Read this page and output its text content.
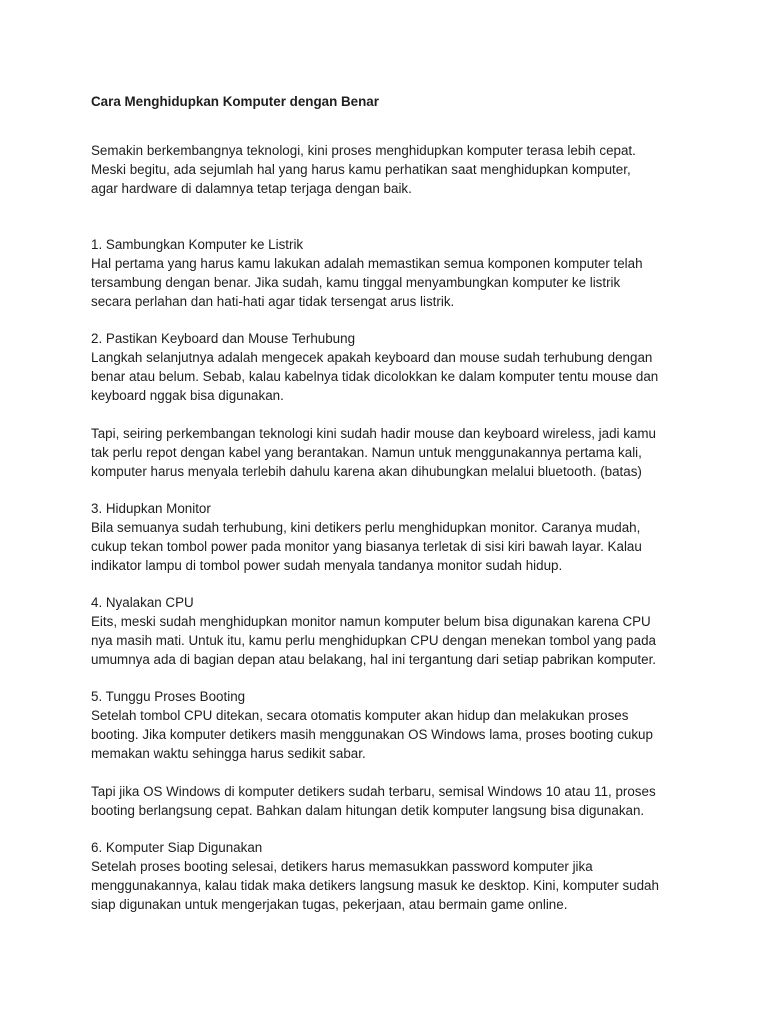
Cara Menghidupkan Komputer dengan Benar

Semakin berkembangnya teknologi, kini proses menghidupkan komputer terasa lebih cepat.
Meski begitu, ada sejumlah hal yang harus kamu perhatikan saat menghidupkan komputer,
agar hardware di dalamnya tetap terjaga dengan baik.

1. Sambungkan Komputer ke Listrik

Hal pertama yang harus kamu lakukan adalah memastikan semua komponen komputer telah
tersambung dengan benar. Jika sudah, kamu tinggal menyambungkan komputer ke listrik
secara perlahan dan hati-hati agar tidak tersengat arus listrik.

2. Pastikan Keyboard dan Mouse Terhubung

Langkah selanjutnya adalah mengecek apakah keyboard dan mouse sudah terhubung dengan
benar atau belum. Sebab, kalau kabelnya tidak dicolokkan ke dalam komputer tentu mouse dan
keyboard nggak bisa digunakan.

Tapi, seiring perkembangan teknologi kini sudah hadir mouse dan keyboard wireless, jadi kamu
tak perlu repot dengan kabel yang berantakan. Namun untuk menggunakannya pertama kali,
komputer harus menyala terlebih dahulu karena akan dihubungkan melalui bluetooth. (batas)

3. Hidupkan Monitor

Bila semuanya sudah terhubung, kini detikers perlu menghidupkan monitor. Caranya mudah,
cukup tekan tombol power pada monitor yang biasanya terletak di sisi kiri bawah layar. Kalau
indikator lampu di tombol power sudah menyala tandanya monitor sudah hidup.

4. Nyalakan CPU

Eits, meski sudah menghidupkan monitor namun komputer belum bisa digunakan karena CPU
nya masih mati. Untuk itu, kamu perlu menghidupkan CPU dengan menekan tombol yang pada
umumnya ada di bagian depan atau belakang, hal ini tergantung dari setiap pabrikan komputer.

5. Tunggu Proses Booting

Setelah tombol CPU ditekan, secara otomatis komputer akan hidup dan melakukan proses
booting. Jika komputer detikers masih menggunakan OS Windows lama, proses booting cukup
memakan waktu sehingga harus sedikit sabar.

Tapi jika OS Windows di komputer detikers sudah terbaru, semisal Windows 10 atau 11, proses
booting berlangsung cepat. Bahkan dalam hitungan detik komputer langsung bisa digunakan.

6. Komputer Siap Digunakan

Setelah proses booting selesai, detikers harus memasukkan password komputer jika
menggunakannya, kalau tidak maka detikers langsung masuk ke desktop. Kini, komputer sudah
siap digunakan untuk mengerjakan tugas, pekerjaan, atau bermain game online.
